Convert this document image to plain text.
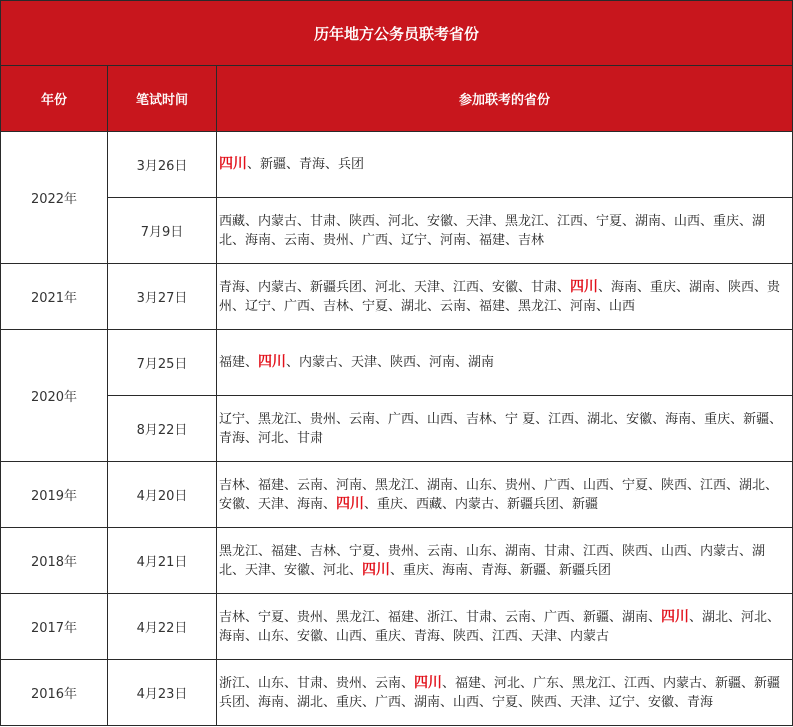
历年地方公务员联考省份		
年份	笔试时间	参加联考的省份
2022年	3月26日	四川、新疆、青海、兵团
	7月9日	西藏、内蒙古、甘肃、陕西、河北、安徽、天津、黑龙江、江西、宁夏、湖南、山西、重庆、湖北、海南、云南、贵州、广西、辽宁、河南、福建、吉林
2021年	3月27日	青海、内蒙古、新疆兵团、河北、天津、江西、安徽、甘肃、四川、海南、重庆、湖南、陕西、贵州、辽宁、广西、吉林、宁夏、湖北、云南、福建、黑龙江、河南、山西
2020年	7月25日	福建、四川、内蒙古、天津、陕西、河南、湖南
	8月22日	辽宁、黑龙江、贵州、云南、广西、山西、吉林、宁 夏、江西、湖北、安徽、海南、重庆、新疆、青海、河北、甘肃
2019年	4月20日	吉林、福建、云南、河南、黑龙江、湖南、山东、贵州、广西、山西、宁夏、陕西、江西、湖北、安徽、天津、海南、四川、重庆、西藏、内蒙古、新疆兵团、新疆
2018年	4月21日	黑龙江、福建、吉林、宁夏、贵州、云南、山东、湖南、甘肃、江西、陕西、山西、内蒙古、湖北、天津、安徽、河北、四川、重庆、海南、青海、新疆、新疆兵团
2017年	4月22日	吉林、宁夏、贵州、黑龙江、福建、浙江、甘肃、云南、广西、新疆、湖南、四川、湖北、河北、海南、山东、安徽、山西、重庆、青海、陕西、江西、天津、内蒙古
2016年	4月23日	浙江、山东、甘肃、贵州、云南、四川、福建、河北、广东、黑龙江、江西、内蒙古、新疆、新疆兵团、海南、湖北、重庆、广西、湖南、山西、宁夏、陕西、天津、辽宁、安徽、青海
